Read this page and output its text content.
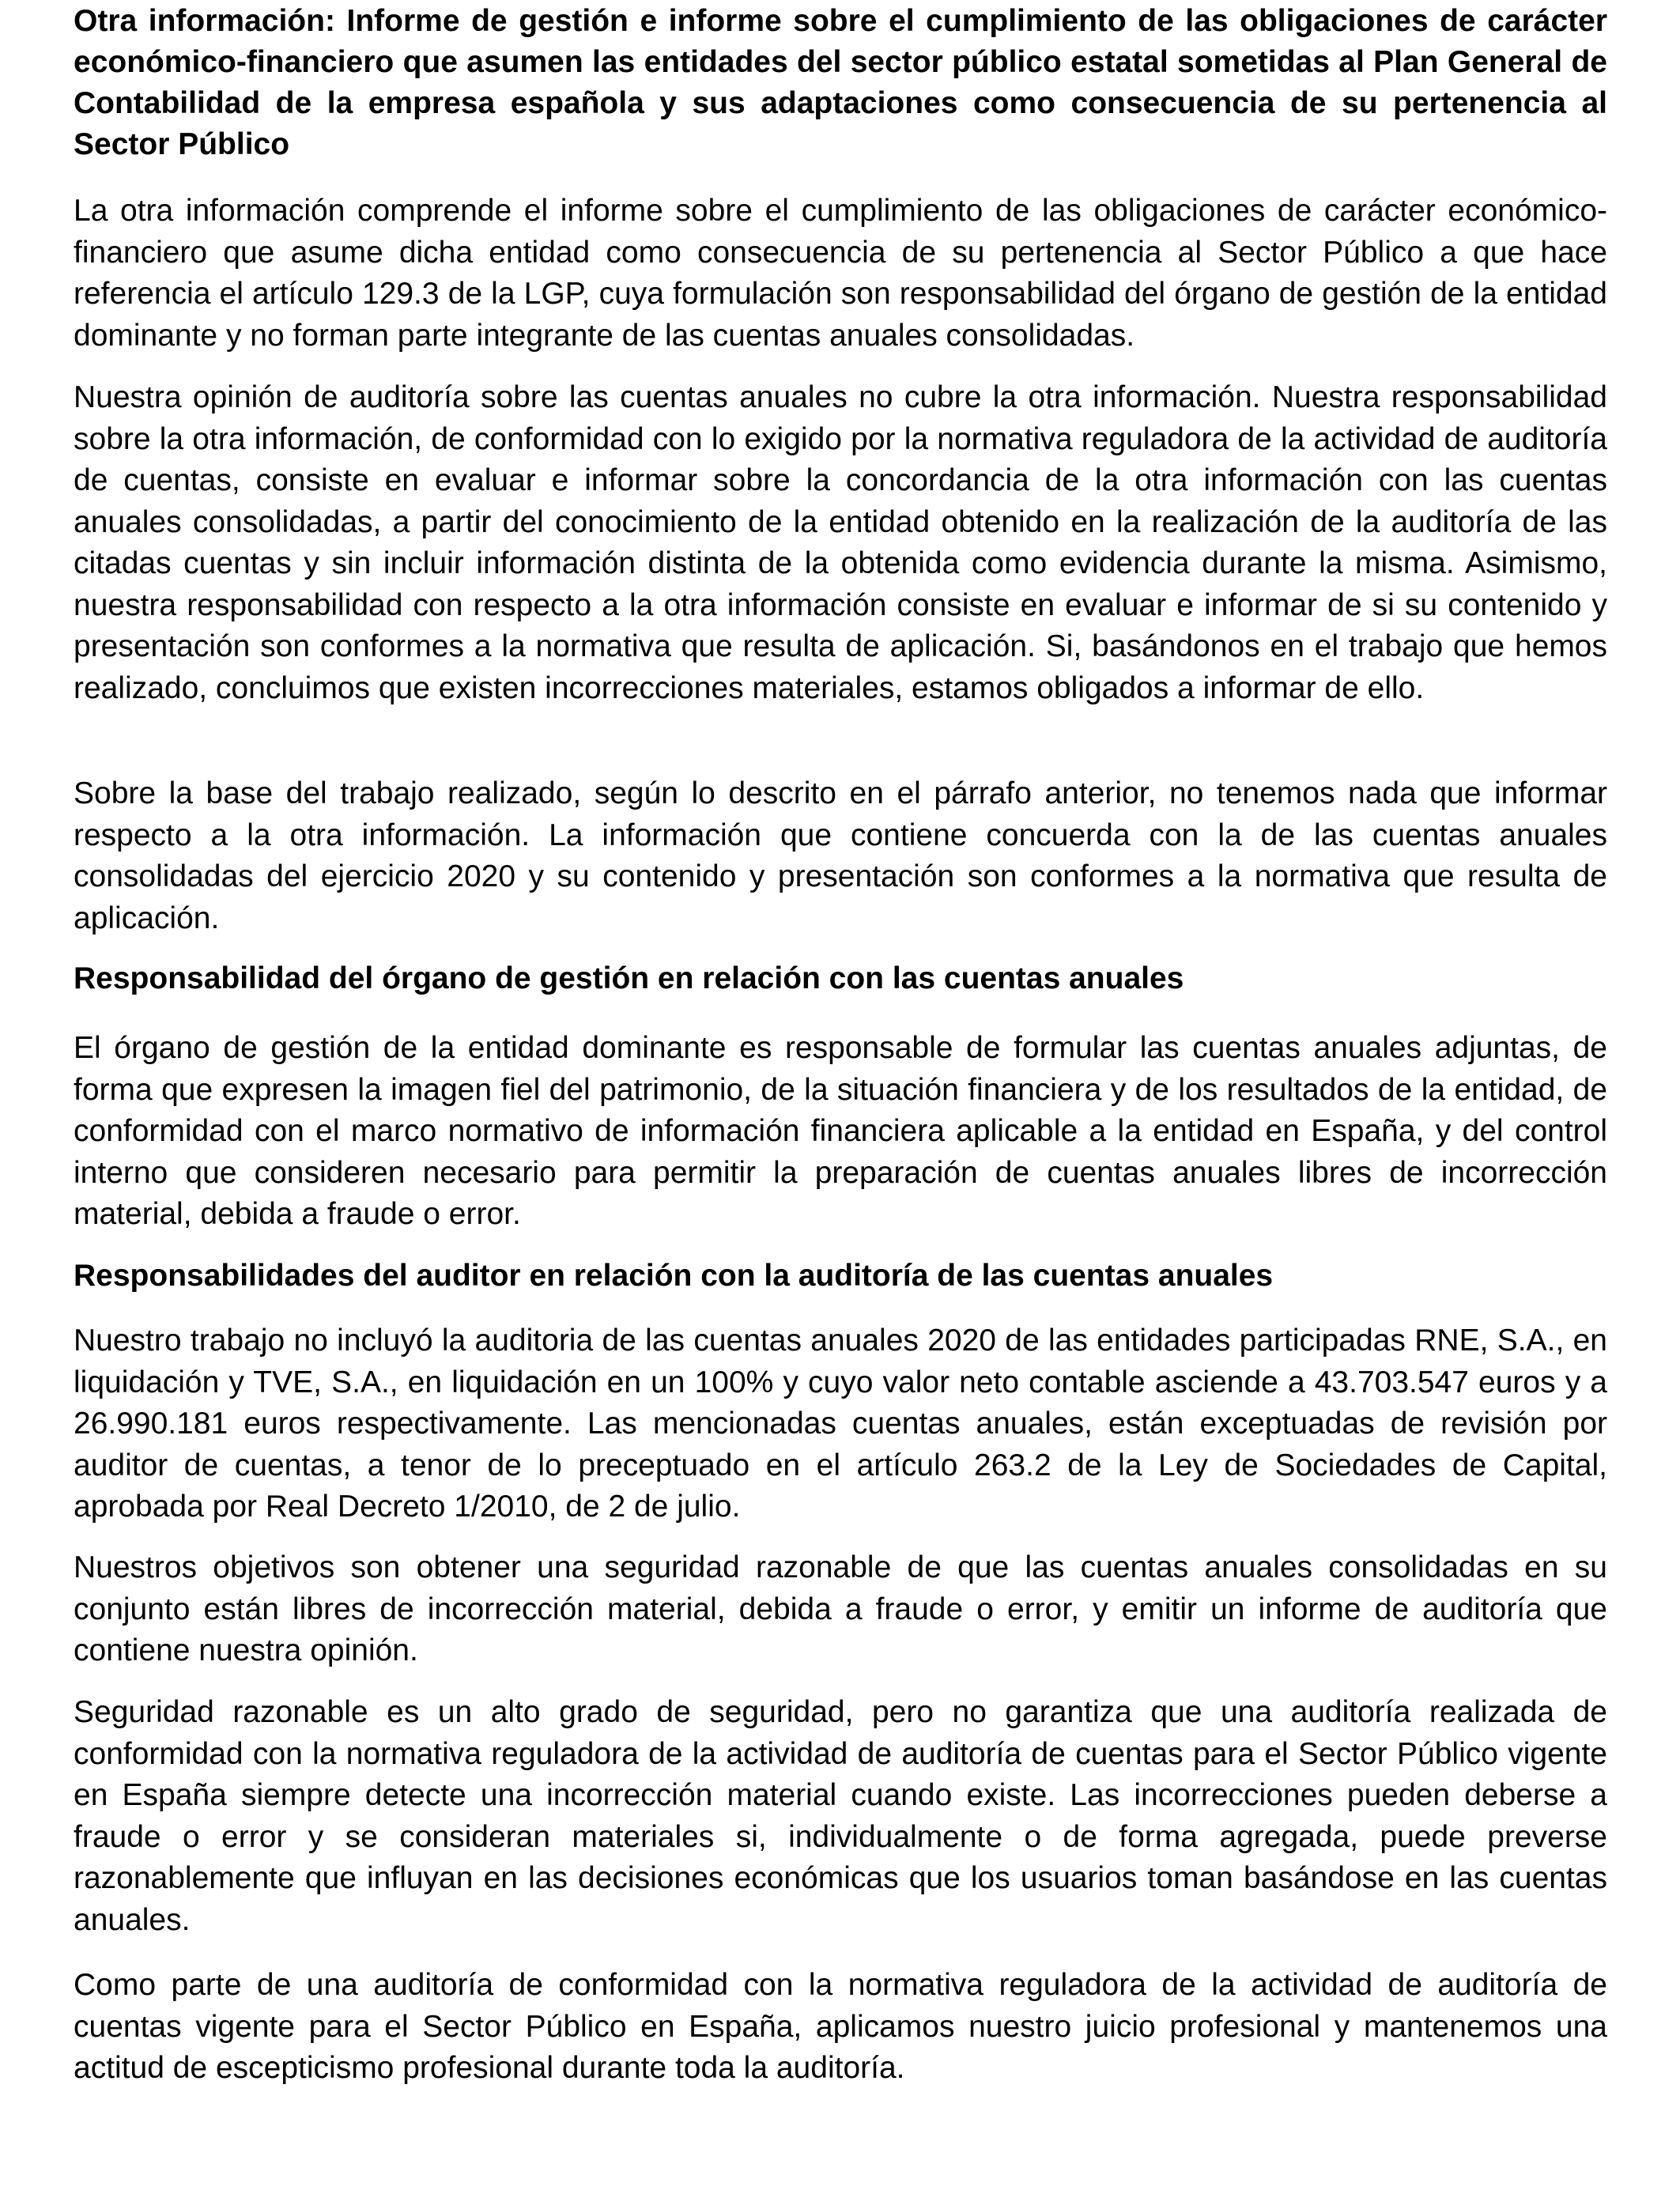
Otra información: Informe de gestión e informe sobre el cumplimiento de las obligaciones de carácter económico-financiero que asumen las entidades del sector público estatal sometidas al Plan General de Contabilidad de la empresa española y sus adaptaciones como consecuencia de su pertenencia al Sector Público

La otra información comprende el informe sobre el cumplimiento de las obligaciones de carácter económico-financiero que asume dicha entidad como consecuencia de su pertenencia al Sector Público a que hace referencia el artículo 129.3 de la LGP, cuya formulación son responsabilidad del órgano de gestión de la entidad dominante y no forman parte integrante de las cuentas anuales consolidadas.

Nuestra opinión de auditoría sobre las cuentas anuales no cubre la otra información. Nuestra responsabilidad sobre la otra información, de conformidad con lo exigido por la normativa reguladora de la actividad de auditoría de cuentas, consiste en evaluar e informar sobre la concordancia de la otra información con las cuentas anuales consolidadas, a partir del conocimiento de la entidad obtenido en la realización de la auditoría de las citadas cuentas y sin incluir información distinta de la obtenida como evidencia durante la misma. Asimismo, nuestra responsabilidad con respecto a la otra información consiste en evaluar e informar de si su contenido y presentación son conformes a la normativa que resulta de aplicación. Si, basándonos en el trabajo que hemos realizado, concluimos que existen incorrecciones materiales, estamos obligados a informar de ello.

Sobre la base del trabajo realizado, según lo descrito en el párrafo anterior, no tenemos nada que informar respecto a la otra información. La información que contiene concuerda con la de las cuentas anuales consolidadas del ejercicio 2020 y su contenido y presentación son conformes a la normativa que resulta de aplicación.

Responsabilidad del órgano de gestión en relación con las cuentas anuales

El órgano de gestión de la entidad dominante es responsable de formular las cuentas anuales adjuntas, de forma que expresen la imagen fiel del patrimonio, de la situación financiera y de los resultados de la entidad, de conformidad con el marco normativo de información financiera aplicable a la entidad en España, y del control interno que consideren necesario para permitir la preparación de cuentas anuales libres de incorrección material, debida a fraude o error.

Responsabilidades del auditor en relación con la auditoría de las cuentas anuales

Nuestro trabajo no incluyó la auditoria de las cuentas anuales 2020 de las entidades participadas RNE, S.A., en liquidación y TVE, S.A., en liquidación en un 100% y cuyo valor neto contable asciende a 43.703.547 euros y a 26.990.181 euros respectivamente. Las mencionadas cuentas anuales, están exceptuadas de revisión por auditor de cuentas, a tenor de lo preceptuado en el artículo 263.2 de la Ley de Sociedades de Capital, aprobada por Real Decreto 1/2010, de 2 de julio.

Nuestros objetivos son obtener una seguridad razonable de que las cuentas anuales consolidadas en su conjunto están libres de incorrección material, debida a fraude o error, y emitir un informe de auditoría que contiene nuestra opinión.

Seguridad razonable es un alto grado de seguridad, pero no garantiza que una auditoría realizada de conformidad con la normativa reguladora de la actividad de auditoría de cuentas para el Sector Público vigente en España siempre detecte una incorrección material cuando existe. Las incorrecciones pueden deberse a fraude o error y se consideran materiales si, individualmente o de forma agregada, puede preverse razonablemente que influyan en las decisiones económicas que los usuarios toman basándose en las cuentas anuales.

Como parte de una auditoría de conformidad con la normativa reguladora de la actividad de auditoría de cuentas vigente para el Sector Público en España, aplicamos nuestro juicio profesional y mantenemos una actitud de escepticismo profesional durante toda la auditoría.
